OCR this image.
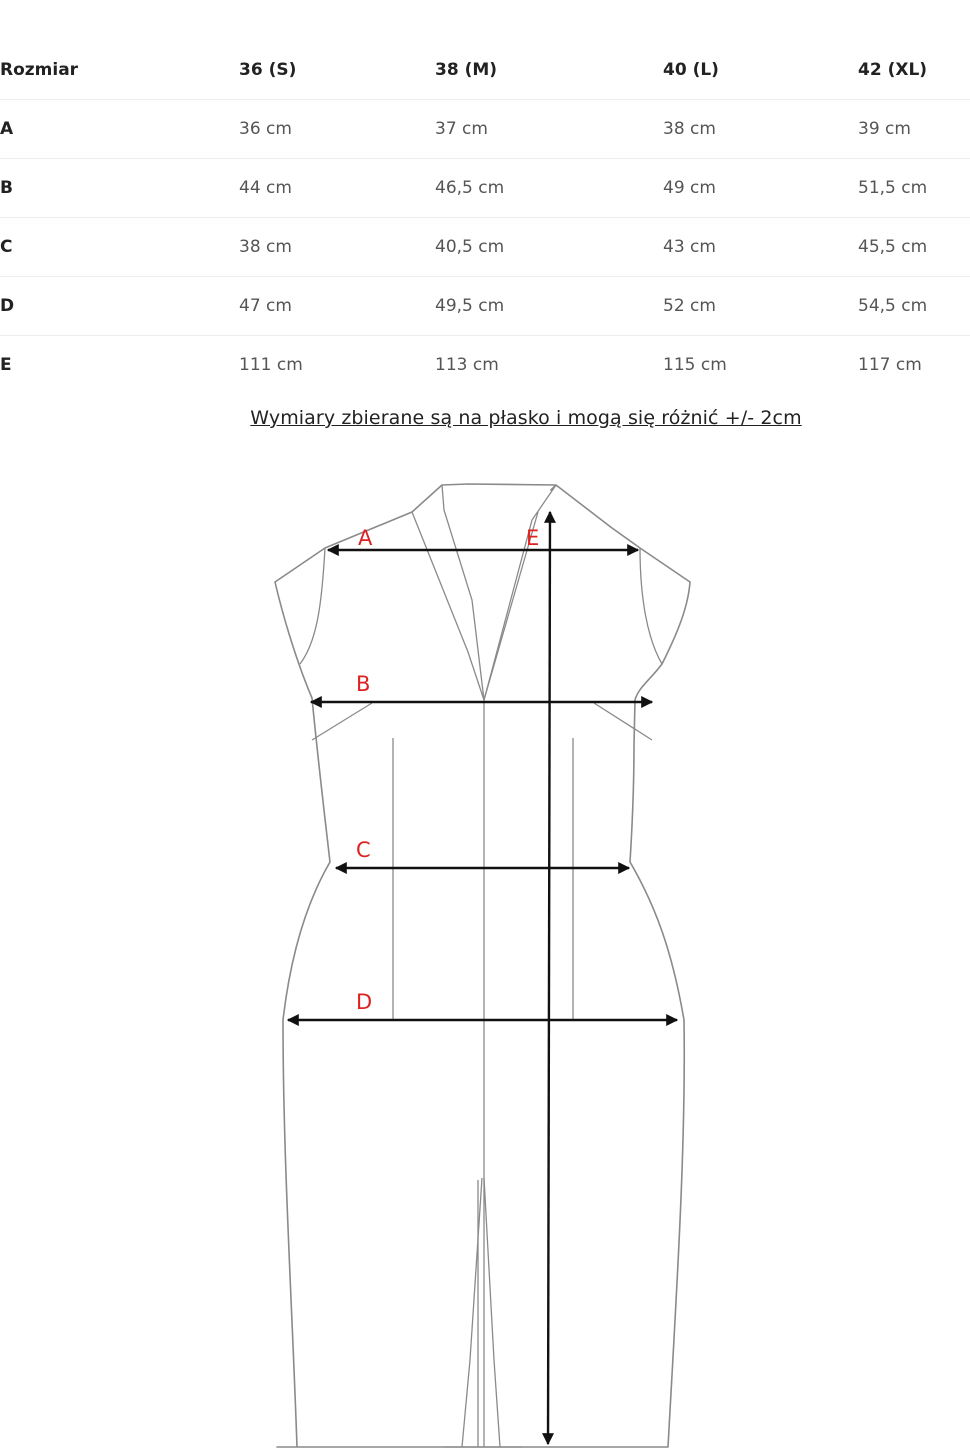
Rozmiar	36 (S)	38 (M)	40 (L)	42 (XL)
A	36 cm	37 cm	38 cm	39 cm
B	44 cm	46,5 cm	49 cm	51,5 cm
C	38 cm	40,5 cm	43 cm	45,5 cm
D	47 cm	49,5 cm	52 cm	54,5 cm
E	111 cm	113 cm	115 cm	117 cm
Wymiary zbierane są na płasko i mogą się różnić +/- 2cm
A	E
B
C
D
